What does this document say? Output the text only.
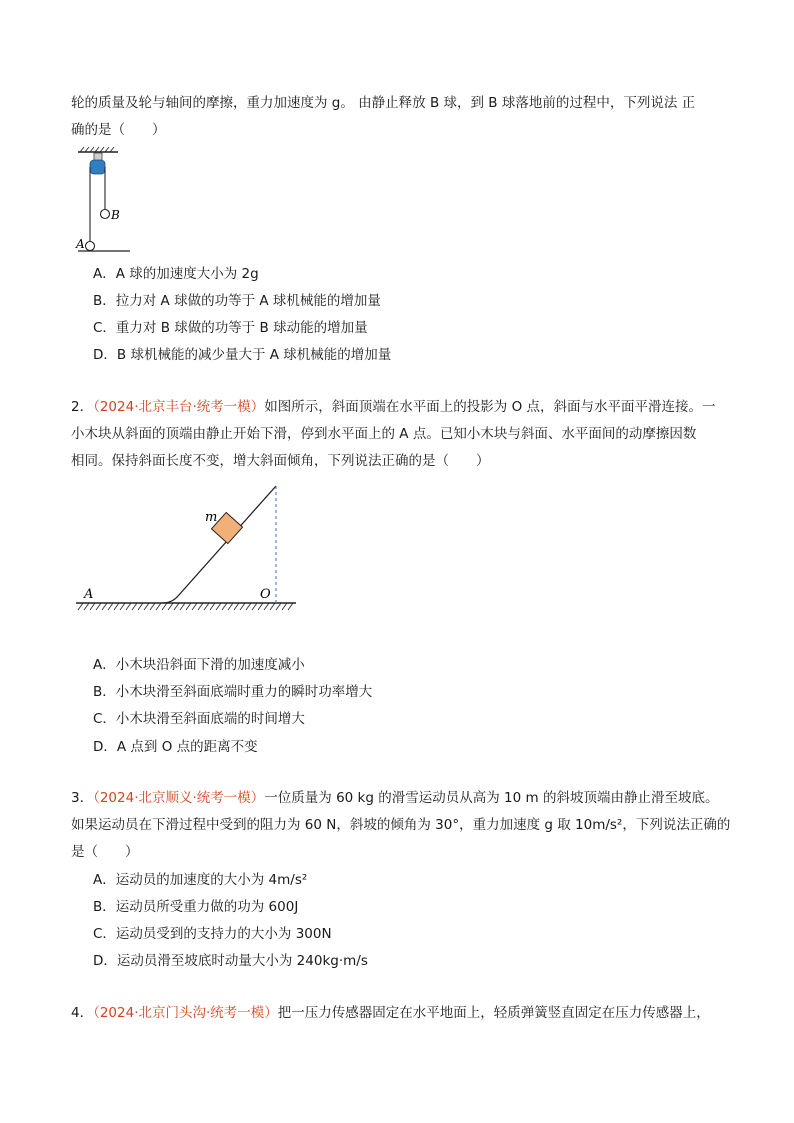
轮的质量及轮与轴间的摩擦，重力加速度为 g。 由静止释放 B 球，到 B 球落地前的过程中，下列说法 正
确的是（　　）
B
A
A．A 球的加速度大小为 2g
B．拉力对 A 球做的功等于 A 球机械能的增加量
C．重力对 B 球做的功等于 B 球动能的增加量
D．B 球机械能的减少量大于 A 球机械能的增加量
2．（2024·北京丰台·统考一模）如图所示，斜面顶端在水平面上的投影为 O 点，斜面与水平面平滑连接。一
小木块从斜面的顶端由静止开始下滑，停到水平面上的 A 点。已知小木块与斜面、水平面间的动摩擦因数
相同。保持斜面长度不变，增大斜面倾角，下列说法正确的是（　　）
m
A	O
A．小木块沿斜面下滑的加速度减小
B．小木块滑至斜面底端时重力的瞬时功率增大
C．小木块滑至斜面底端的时间增大
D．A 点到 O 点的距离不变
3．（2024·北京顺义·统考一模）一位质量为 60 kg 的滑雪运动员从高为 10 m 的斜坡顶端由静止滑至坡底。
如果运动员在下滑过程中受到的阻力为 60 N，斜坡的倾角为 30°，重力加速度 g 取 10m/s²，下列说法正确的
是（　　）
A．运动员的加速度的大小为 4m/s²
B．运动员所受重力做的功为 600J
C．运动员受到的支持力的大小为 300N
D．运动员滑至坡底时动量大小为 240kg·m/s
4．（2024·北京门头沟·统考一模）把一压力传感器固定在水平地面上，轻质弹簧竖直固定在压力传感器上，
